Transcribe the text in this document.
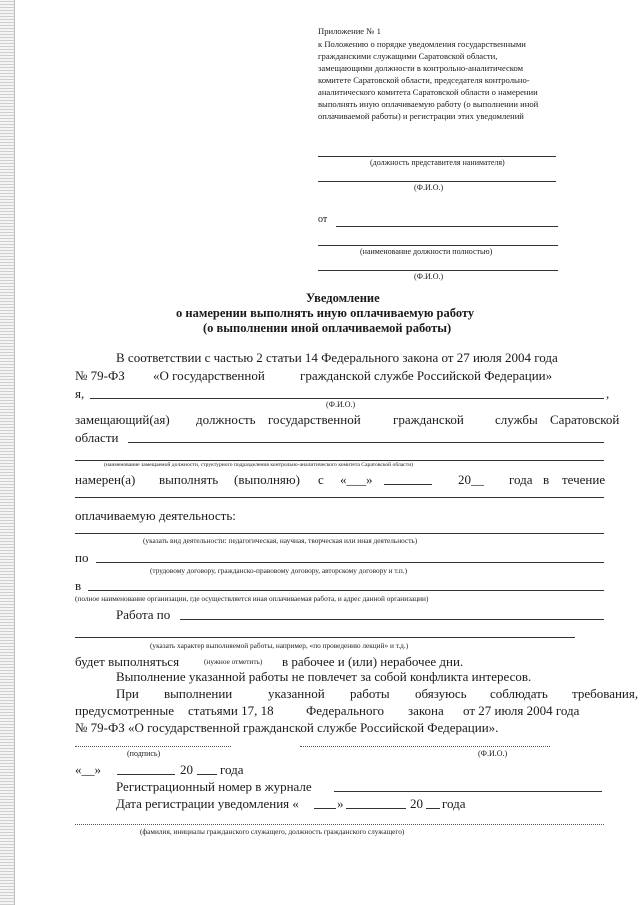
Приложение № 1
к Положению о порядке уведомления государственными
гражданскими служащими Саратовской области,
замещающими должности в контрольно-аналитическом
комитете Саратовской области, председателя контрольно-
аналитического комитета Саратовской области о намерении
выполнять иную оплачиваемую работу (о выполнении иной
оплачиваемой работы) и регистрации этих уведомлений
(должность представителя нанимателя)
(Ф.И.О.)
от
(наименование должности полностью)
(Ф.И.О.)
Уведомление
о намерении выполнять иную оплачиваемую работу
(о выполнении иной оплачиваемой работы)
В соответствии с частью 2 статьи 14 Федерального закона от 27 июля 2004 года
№ 79-ФЗ «О государственной	гражданской службе Российской Федерации»
я,	,
(Ф.И.О.)
замещающий(ая) должность государственной гражданской службы Саратовской
области
(наименование замещаемой должности, структурного подразделения контрольно-аналитического комитета Саратовской области)
намерен(а) выполнять (выполняю) с «___»	20__ года в течение
оплачиваемую деятельность:
(указать вид деятельности: педагогическая, научная, творческая или иная деятельность)
по
(трудовому договору, гражданско-правовому договору, авторскому договору и т.п.)
в
(полное наименование организации, где осуществляется иная оплачиваемая работа, и адрес данной организации)
Работа по
(указать характер выполняемой работы, например, «по проведению лекций» и т.д.)
будет выполняться	(нужное отметить) в рабочее и (или) нерабочее дни.
Выполнение указанной работы не повлечет за собой конфликта интересов.
При выполнении	указанной работы обязуюсь соблюдать требования,
предусмотренные статьями 17, 18 Федерального закона от 27 июля 2004 года
№ 79-ФЗ «О государственной гражданской службе Российской Федерации».
(подпись)	(Ф.И.О.)
«__»	20 года
Регистрационный номер в журнале
Дата регистрации уведомления «	»	20 года
(фамилия, инициалы гражданского служащего, должность гражданского служащего)
